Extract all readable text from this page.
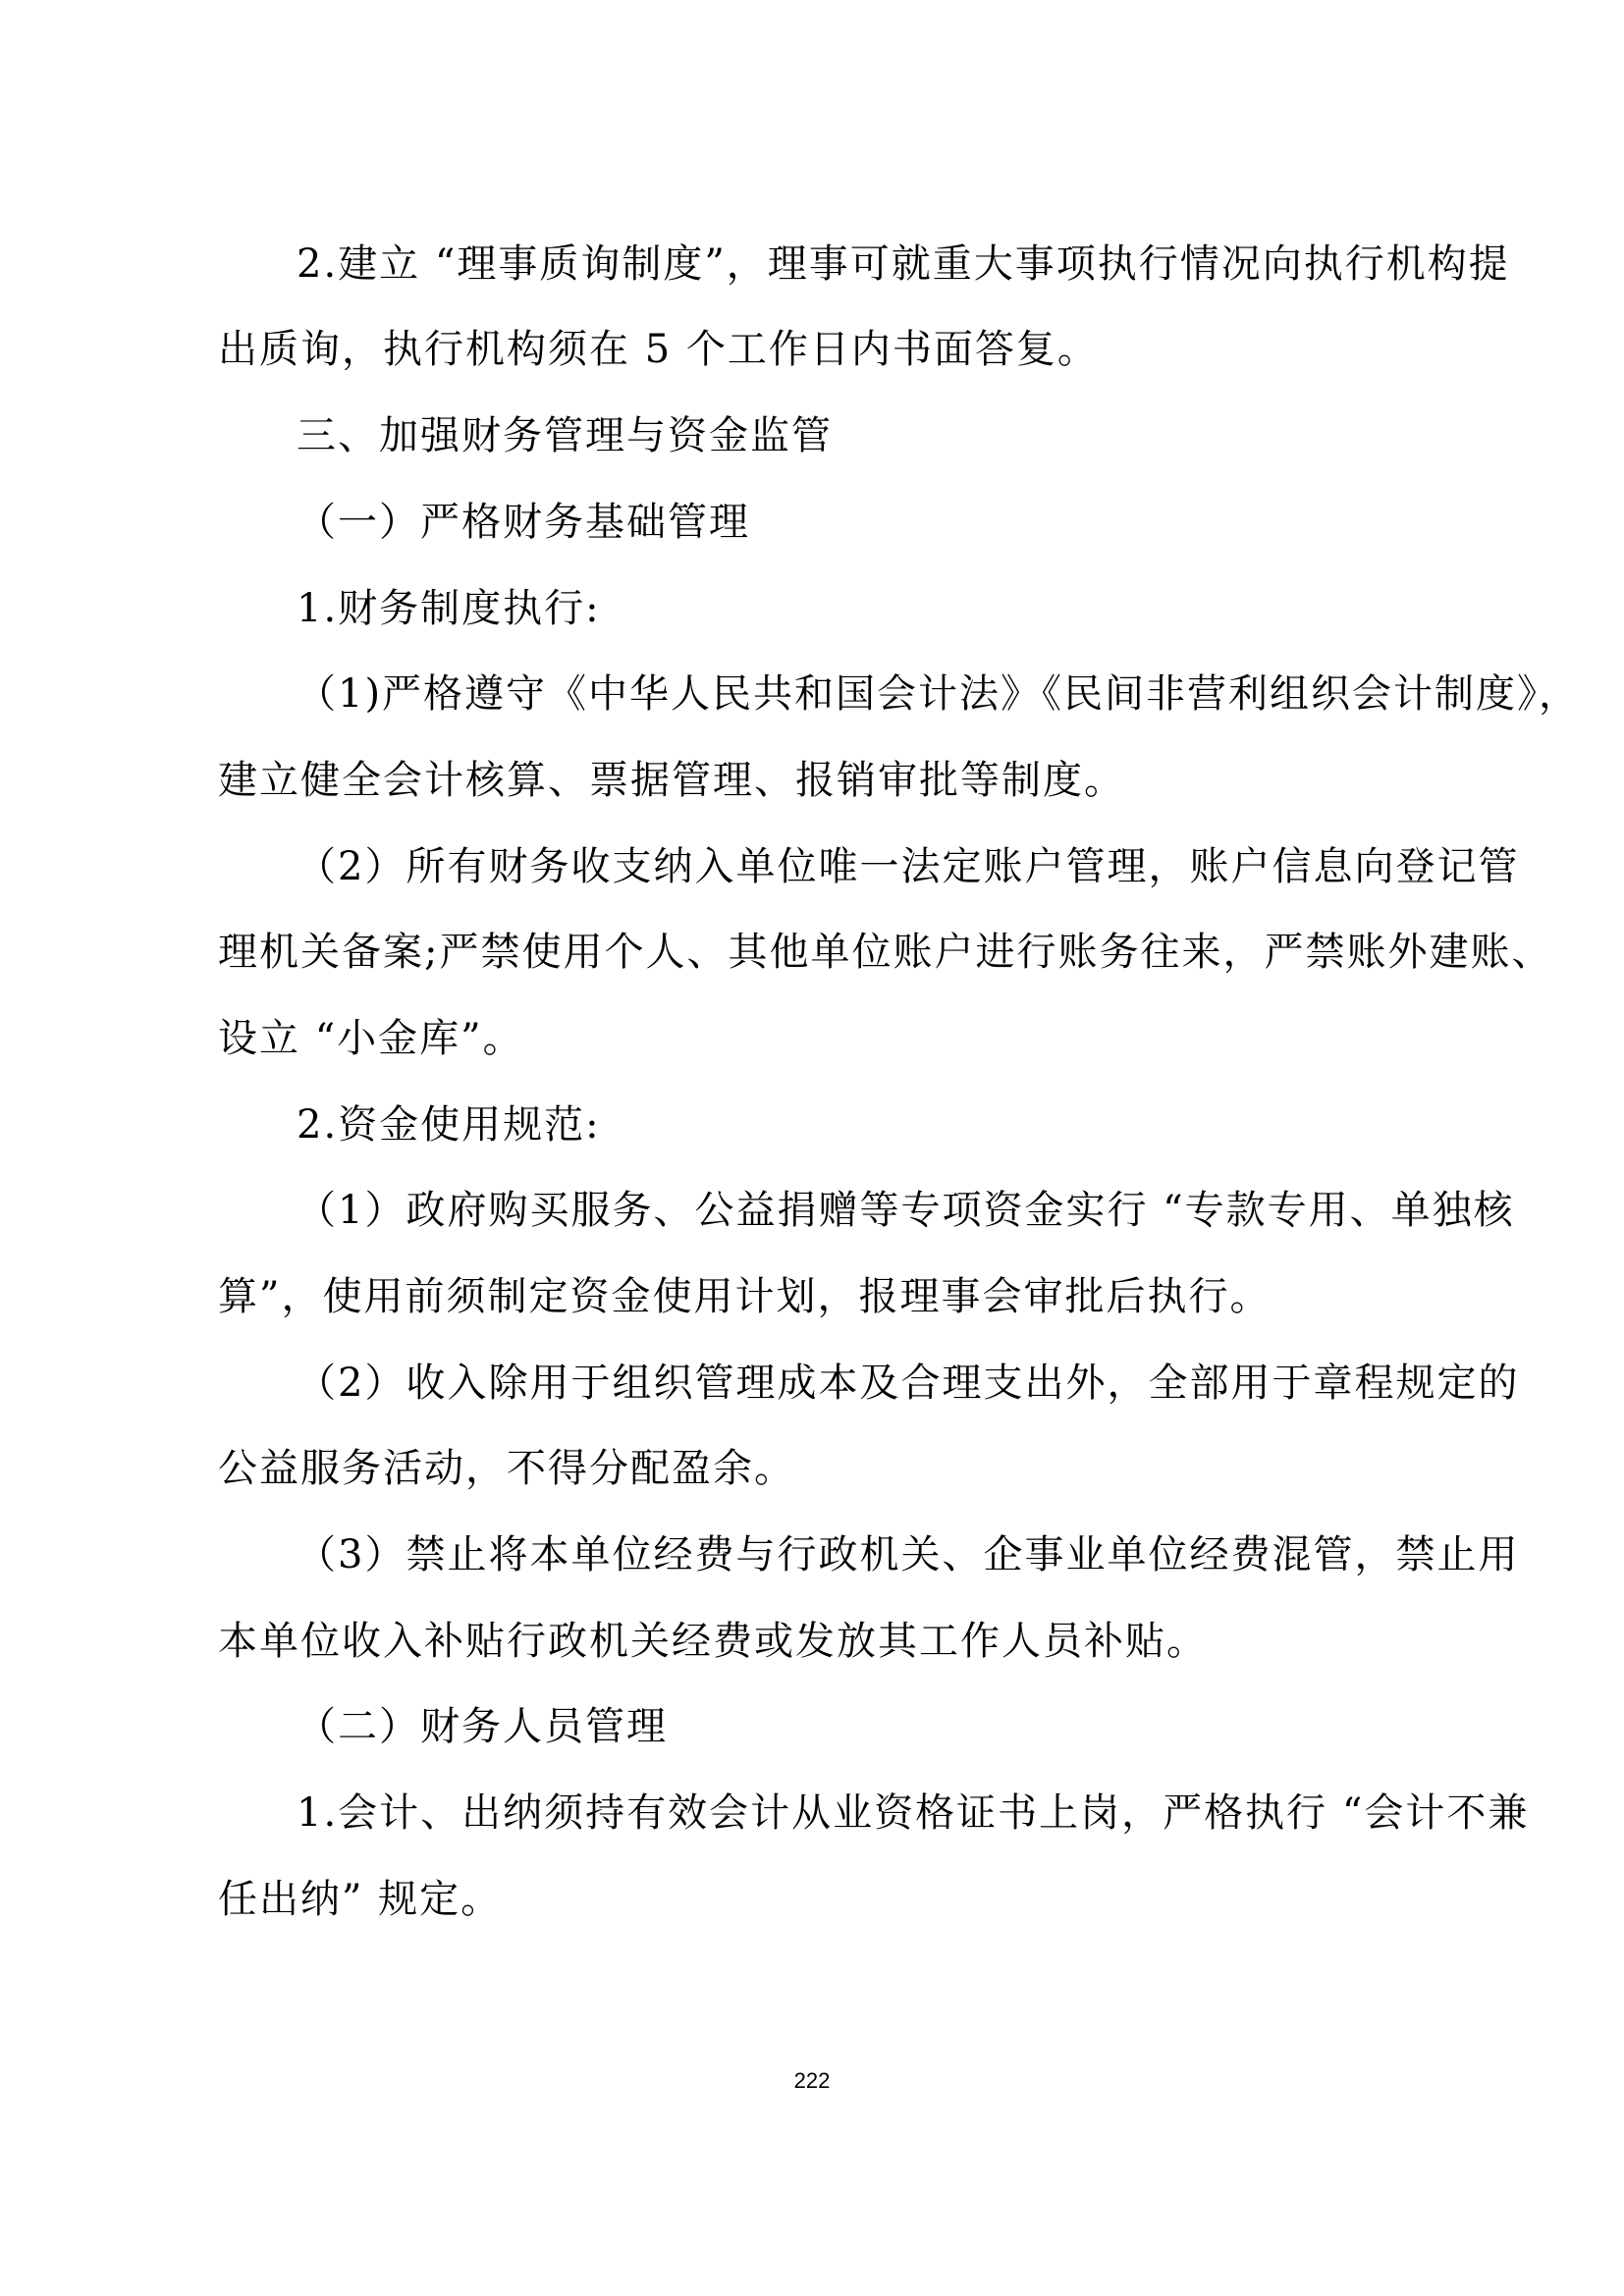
2.建立 “理事质询制度”，理事可就重大事项执行情况向执行机构提
出质询，执行机构须在 5 个工作日内书面答复。
三、加强财务管理与资金监管
（一）严格财务基础管理
1.财务制度执行:
（1)严格遵守《中华人民共和国会计法》《民间非营利组织会计制度》，
建立健全会计核算、票据管理、报销审批等制度。
（2）所有财务收支纳入单位唯一法定账户管理，账户信息向登记管
理机关备案;严禁使用个人、其他单位账户进行账务往来，严禁账外建账、
设立 “小金库”。
2.资金使用规范:
（1）政府购买服务、公益捐赠等专项资金实行 “专款专用、单独核
算”，使用前须制定资金使用计划，报理事会审批后执行。
（2）收入除用于组织管理成本及合理支出外，全部用于章程规定的
公益服务活动，不得分配盈余。
（3）禁止将本单位经费与行政机关、企事业单位经费混管，禁止用
本单位收入补贴行政机关经费或发放其工作人员补贴。
（二）财务人员管理
1.会计、出纳须持有效会计从业资格证书上岗，严格执行 “会计不兼
任出纳” 规定。
222
